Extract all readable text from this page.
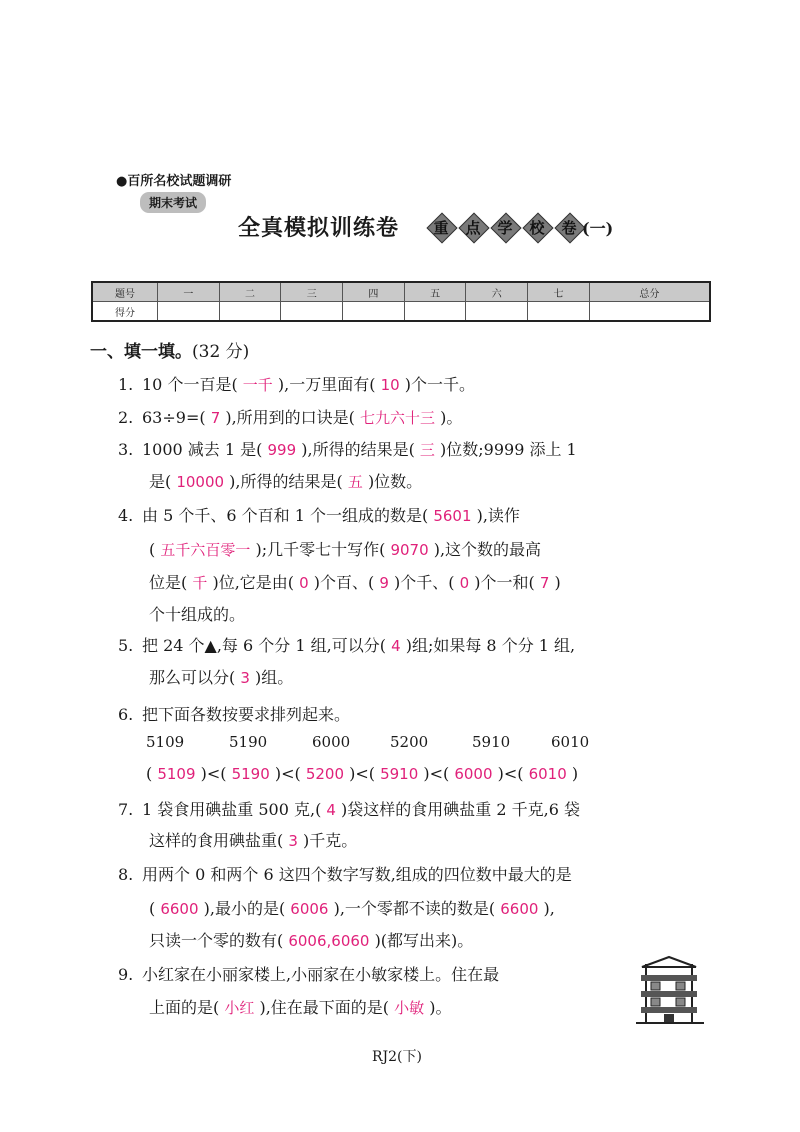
●百所名校试题调研
期末考试
全真模拟训练卷	重	点	学	校	卷 (一)
题号	一	二	三	四	五	六	七	总分
得分								
一、填一填。(32 分)
1. 10 个一百是( 一千 ),一万里面有( 10 )个一千。
2. 63÷9=( 7 ),所用到的口诀是( 七九六十三 )。
3. 1000 减去 1 是( 999 ),所得的结果是( 三 )位数;9999 添上 1
是( 10000 ),所得的结果是( 五 )位数。
4. 由 5 个千、6 个百和 1 个一组成的数是( 5601 ),读作
( 五千六百零一 );几千零七十写作( 9070 ),这个数的最高
位是( 千 )位,它是由( 0 )个百、( 9 )个千、( 0 )个一和( 7 )
个十组成的。
5. 把 24 个▲,每 6 个分 1 组,可以分( 4 )组;如果每 8 个分 1 组,
那么可以分( 3 )组。
6. 把下面各数按要求排列起来。
5109	5190	6000	5200	5910	6010
( 5109 )<( 5190 )<( 5200 )<( 5910 )<( 6000 )<( 6010 )
7. 1 袋食用碘盐重 500 克,( 4 )袋这样的食用碘盐重 2 千克,6 袋
这样的食用碘盐重( 3 )千克。
8. 用两个 0 和两个 6 这四个数字写数,组成的四位数中最大的是
( 6600 ),最小的是( 6006 ),一个零都不读的数是( 6600 ),
只读一个零的数有( 6006,6060 )(都写出来)。
9. 小红家在小丽家楼上,小丽家在小敏家楼上。住在最
上面的是( 小红 ),住在最下面的是( 小敏 )。
RJ2(下)
